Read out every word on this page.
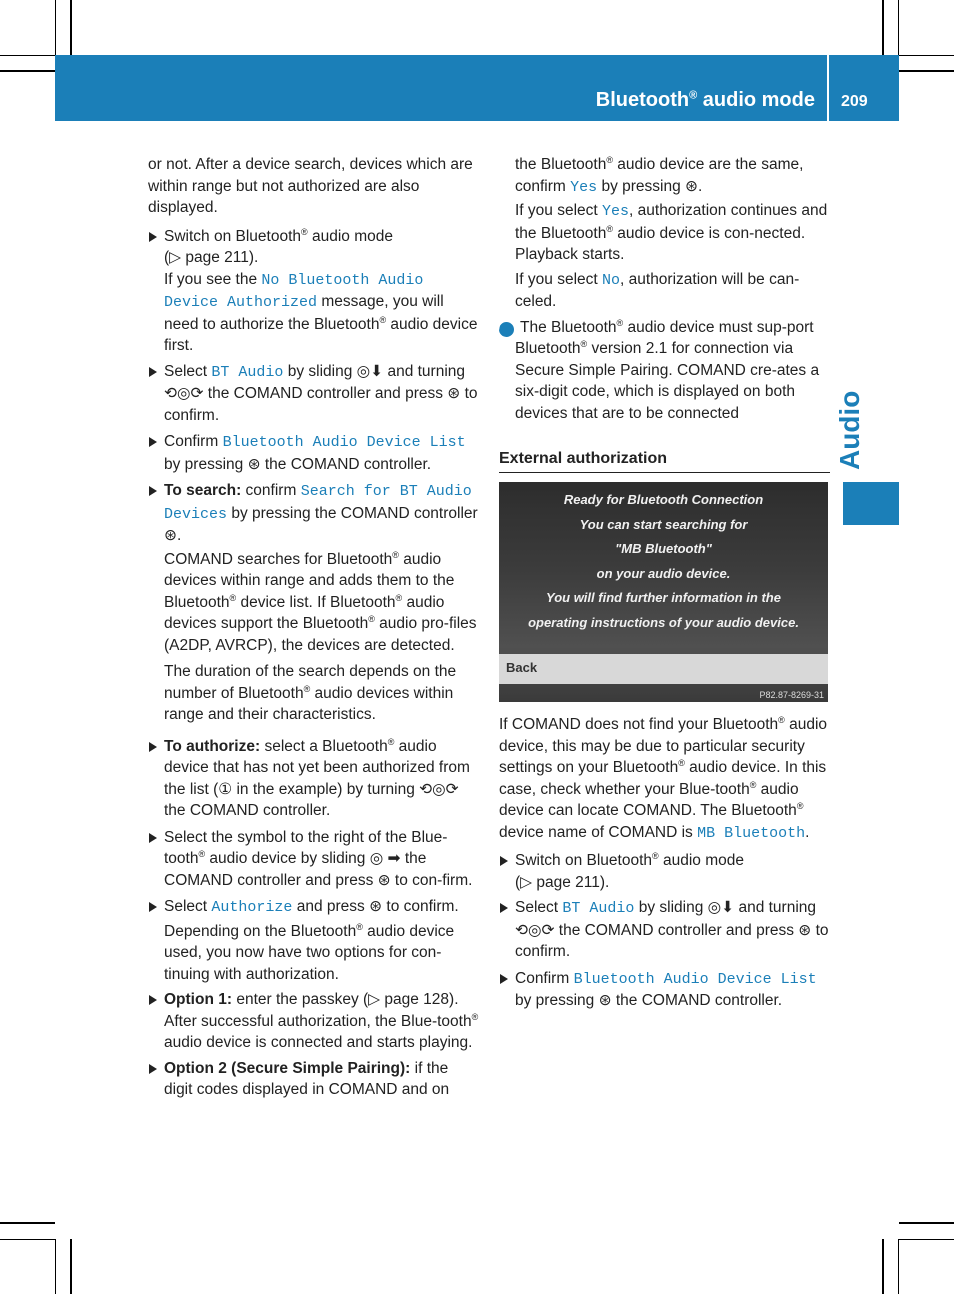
Bluetooth® audio mode 209
Audio

or not. After a device search, devices which are within range but not authorized are also displayed.

Switch on Bluetooth® audio mode
(▷ page 211).
If you see the No Bluetooth Audio Device Authorized message, you will need to authorize the Bluetooth® audio device first.

Select BT Audio by sliding ◎⬇ and turning ⟲◎⟳ the COMAND controller and press ⊛ to confirm.

Confirm Bluetooth Audio Device List by pressing ⊛ the COMAND controller.

To search: confirm Search for BT Audio Devices by pressing the COMAND controller ⊛.

COMAND searches for Bluetooth® audio devices within range and adds them to the Bluetooth® device list. If Bluetooth® audio devices support the Bluetooth® audio pro-files (A2DP, AVRCP), the devices are detected.

The duration of the search depends on the number of Bluetooth® audio devices within range and their characteristics.

To authorize: select a Bluetooth® audio device that has not yet been authorized from the list (① in the example) by turning ⟲◎⟳ the COMAND controller.

Select the symbol to the right of the Blue-tooth® audio device by sliding ◎ ➡ the COMAND controller and press ⊛ to con-firm.

Select Authorize and press ⊛ to confirm.

Depending on the Bluetooth® audio device used, you now have two options for con-tinuing with authorization.

Option 1: enter the passkey (▷ page 128). After successful authorization, the Blue-tooth® audio device is connected and starts playing.

Option 2 (Secure Simple Pairing): if the digit codes displayed in COMAND and on

the Bluetooth® audio device are the same, confirm Yes by pressing ⊛.

If you select Yes, authorization continues and the Bluetooth® audio device is con-nected. Playback starts.

If you select No, authorization will be can-celed.

i The Bluetooth® audio device must sup-port Bluetooth® version 2.1 for connection via Secure Simple Pairing. COMAND cre-ates a six-digit code, which is displayed on both devices that are to be connected

External authorization
Ready for Bluetooth Connection
You can start searching for
"MB Bluetooth"
on your audio device.
You will find further information in the
operating instructions of your audio device.
Back
P82.87-8269-31

If COMAND does not find your Bluetooth® audio device, this may be due to particular security settings on your Bluetooth® audio device. In this case, check whether your Blue-tooth® audio device can locate COMAND. The Bluetooth® device name of COMAND is MB Bluetooth.

Switch on Bluetooth® audio mode
(▷ page 211).

Select BT Audio by sliding ◎⬇ and turning ⟲◎⟳ the COMAND controller and press ⊛ to confirm.

Confirm Bluetooth Audio Device List by pressing ⊛ the COMAND controller.
